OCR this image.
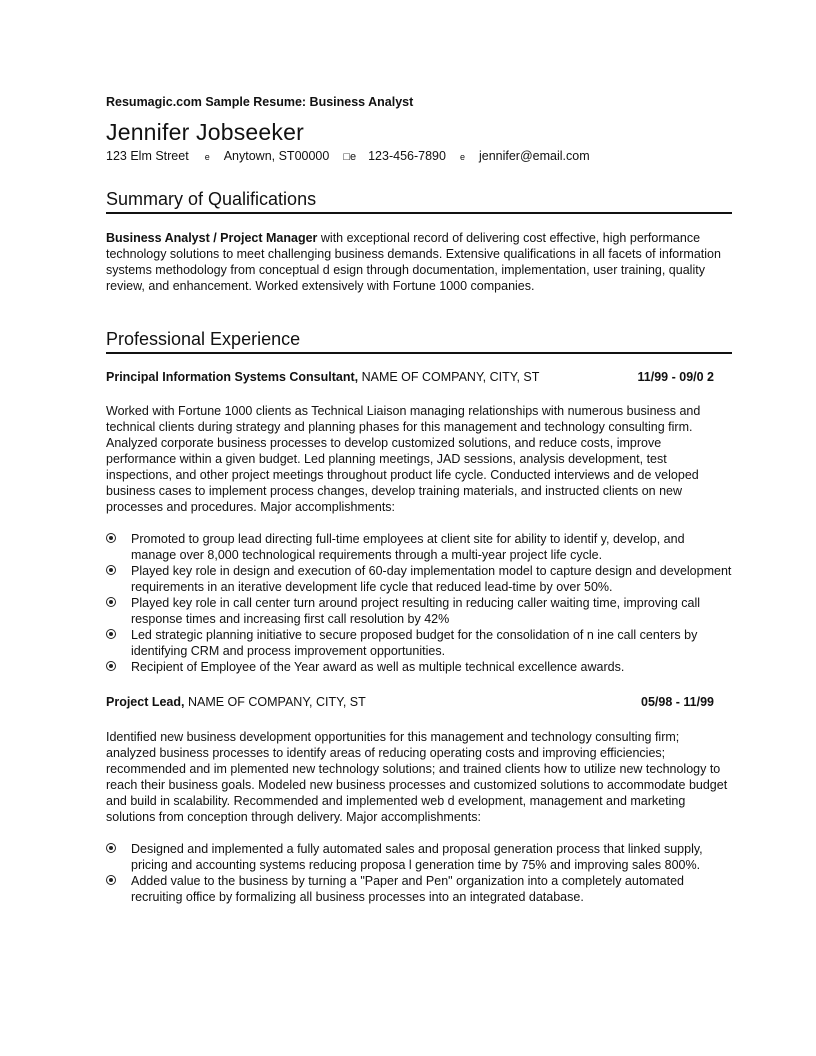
Resumagic.com Sample Resume: Business Analyst
Jennifer Jobseeker
123 Elm Street e Anytown, ST00000 □e 123-456-7890 e jennifer@email.com
Summary of Qualifications
Business Analyst / Project Manager with exceptional record of delivering cost effective, high performance technology solutions to meet challenging business demands. Extensive qualifications in all facets of information systems methodology from conceptual d esign through documentation, implementation, user training, quality review, and enhancement. Worked extensively with Fortune 1000 companies.
Professional Experience
Principal Information Systems Consultant, NAME OF COMPANY, CITY, ST	11/99 - 09/0 2
Worked with Fortune 1000 clients as Technical Liaison managing relationships with numerous business and technical clients during strategy and planning phases for this management and technology consulting firm. Analyzed corporate business processes to develop customized solutions, and reduce costs, improve performance within a given budget. Led planning meetings, JAD sessions, analysis development, test inspections, and other project meetings throughout product life cycle. Conducted interviews and de veloped business cases to implement process changes, develop training materials, and instructed clients on new processes and procedures. Major accomplishments:
Promoted to group lead directing full-time employees at client site for ability to identif y, develop, and manage over 8,000 technological requirements through a multi-year project life cycle.
Played key role in design and execution of 60-day implementation model to capture design and development requirements in an iterative development life cycle that reduced lead-time by over 50%.
Played key role in call center turn around project resulting in reducing caller waiting time, improving call response times and increasing first call resolution by 42%
Led strategic planning initiative to secure proposed budget for the consolidation of n ine call centers by identifying CRM and process improvement opportunities.
Recipient of Employee of the Year award as well as multiple technical excellence awards.
Project Lead, NAME OF COMPANY, CITY, ST	05/98 - 11/99
Identified new business development opportunities for this management and technology consulting firm; analyzed business processes to identify areas of reducing operating costs and improving efficiencies; recommended and im plemented new technology solutions; and trained clients how to utilize new technology to reach their business goals. Modeled new business processes and customized solutions to accommodate budget and build in scalability. Recommended and implemented web d evelopment, management and marketing solutions from conception through delivery. Major accomplishments:
Designed and implemented a fully automated sales and proposal generation process that linked supply, pricing and accounting systems reducing proposa l generation time by 75% and improving sales 800%.
Added value to the business by turning a "Paper and Pen" organization into a completely automated recruiting office by formalizing all business processes into an integrated database.
